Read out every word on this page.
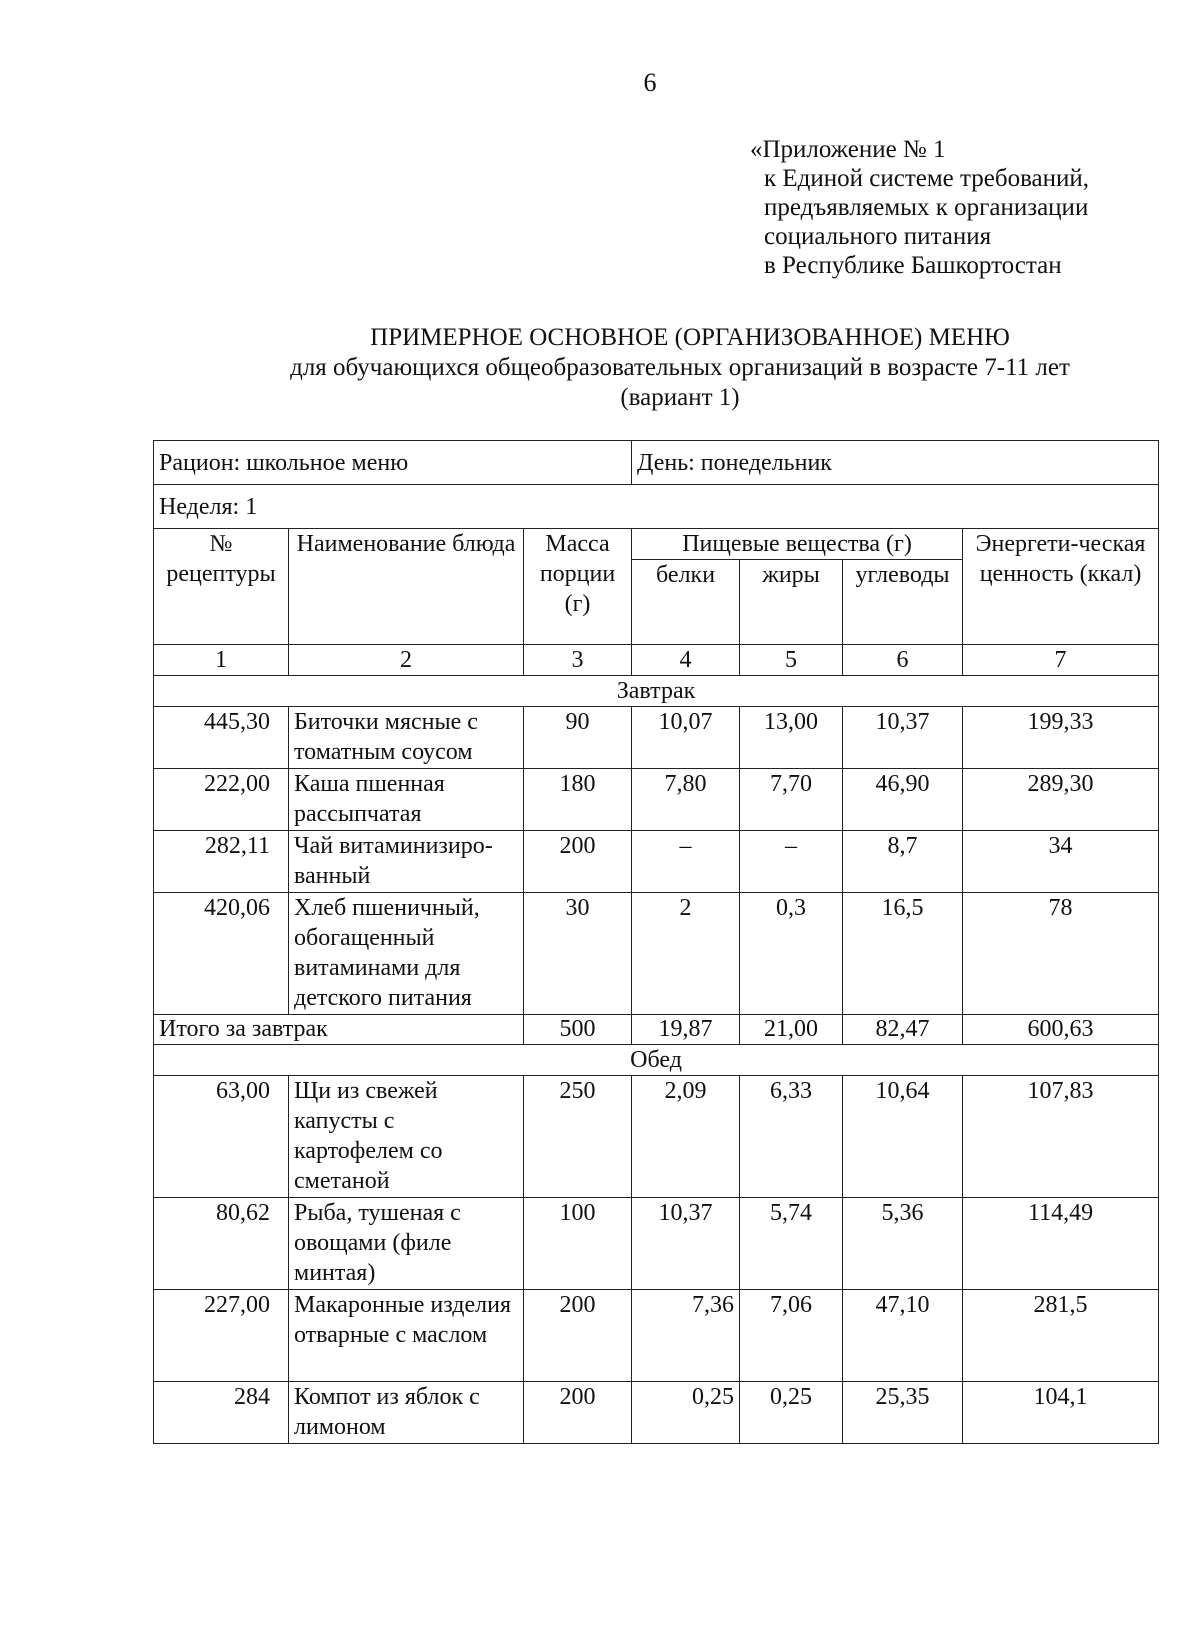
6
«Приложение № 1
к Единой системе требований,
предъявляемых к организации
социального питания
в Республике Башкортостан
ПРИМЕРНОЕ ОСНОВНОЕ (ОРГАНИЗОВАННОЕ) МЕНЮ
для обучающихся общеобразовательных организаций в возрасте 7-11 лет
(вариант 1)
Рацион: школьное меню			День: понедельник			
Неделя: 1						
№ рецептуры	Наименование блюда	Масса порции (г)	Пищевые вещества (г)			Энергети-ческая ценность (ккал)
			белки	жиры	углеводы	
1	2	3	4	5	6	7
Завтрак						
445,30	Биточки мясные с томатным соусом	90	10,07	13,00	10,37	199,33
222,00	Каша пшенная рассыпчатая	180	7,80	7,70	46,90	289,30
282,11	Чай витаминизиро-ванный	200	–	–	8,7	34
420,06	Хлеб пшеничный, обогащенный витаминами для детского питания	30	2	0,3	16,5	78
Итого за завтрак		500	19,87	21,00	82,47	600,63
Обед						
63,00	Щи из свежей капусты с картофелем со сметаной	250	2,09	6,33	10,64	107,83
80,62	Рыба, тушеная с овощами (филе минтая)	100	10,37	5,74	5,36	114,49
227,00	Макаронные изделия отварные с маслом	200	7,36	7,06	47,10	281,5
284	Компот из яблок с лимоном	200	0,25	0,25	25,35	104,1
